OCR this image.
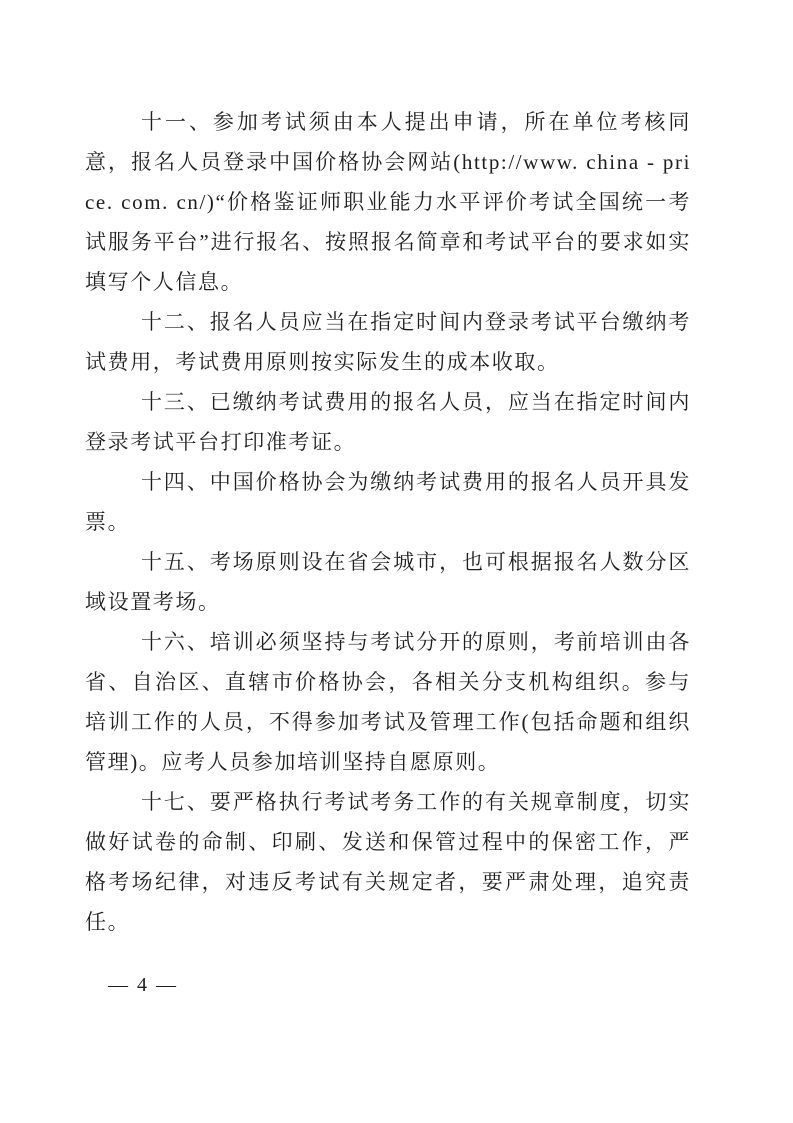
十一、参加考试须由本人提出申请，所在单位考核同意，报名人员登录中国价格协会网站(http://www. china - price. com. cn/)“价格鉴证师职业能力水平评价考试全国统一考试服务平台”进行报名、按照报名简章和考试平台的要求如实填写个人信息。

十二、报名人员应当在指定时间内登录考试平台缴纳考试费用，考试费用原则按实际发生的成本收取。

十三、已缴纳考试费用的报名人员，应当在指定时间内登录考试平台打印准考证。

十四、中国价格协会为缴纳考试费用的报名人员开具发票。

十五、考场原则设在省会城市，也可根据报名人数分区域设置考场。

十六、培训必须坚持与考试分开的原则，考前培训由各省、自治区、直辖市价格协会，各相关分支机构组织。参与培训工作的人员，不得参加考试及管理工作(包括命题和组织管理)。应考人员参加培训坚持自愿原则。

十七、要严格执行考试考务工作的有关规章制度，切实做好试卷的命制、印刷、发送和保管过程中的保密工作，严格考场纪律，对违反考试有关规定者，要严肃处理，追究责任。

— 4 —
